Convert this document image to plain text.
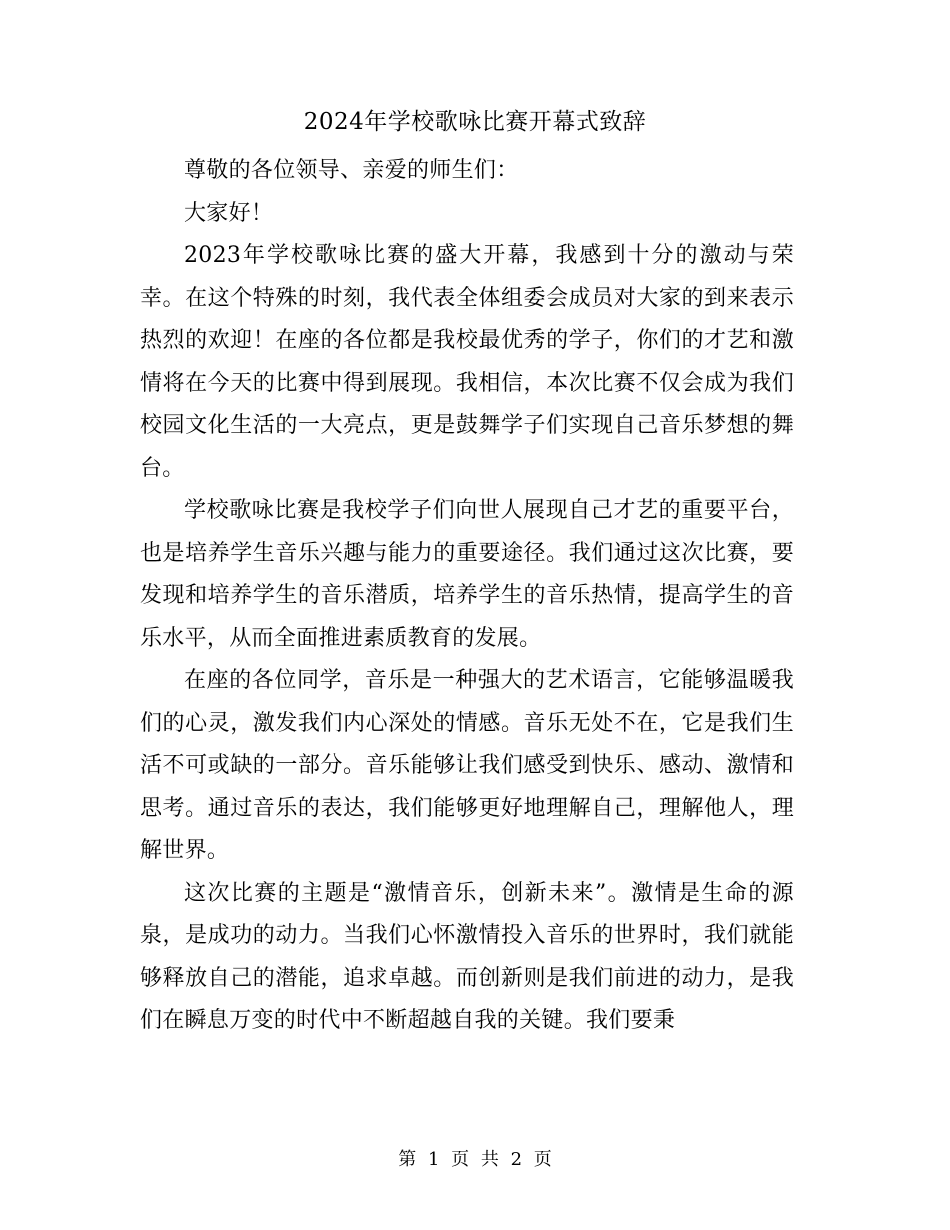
2024年学校歌咏比赛开幕式致辞

尊敬的各位领导、亲爱的师生们：

大家好！

2023年学校歌咏比赛的盛大开幕，我感到十分的激动与荣幸。在这个特殊的时刻，我代表全体组委会成员对大家的到来表示热烈的欢迎！在座的各位都是我校最优秀的学子，你们的才艺和激情将在今天的比赛中得到展现。我相信，本次比赛不仅会成为我们校园文化生活的一大亮点，更是鼓舞学子们实现自己音乐梦想的舞台。

学校歌咏比赛是我校学子们向世人展现自己才艺的重要平台，也是培养学生音乐兴趣与能力的重要途径。我们通过这次比赛，要发现和培养学生的音乐潜质，培养学生的音乐热情，提高学生的音乐水平，从而全面推进素质教育的发展。

在座的各位同学，音乐是一种强大的艺术语言，它能够温暖我们的心灵，激发我们内心深处的情感。音乐无处不在，它是我们生活不可或缺的一部分。音乐能够让我们感受到快乐、感动、激情和思考。通过音乐的表达，我们能够更好地理解自己，理解他人，理解世界。

这次比赛的主题是“激情音乐，创新未来”。激情是生命的源泉，是成功的动力。当我们心怀激情投入音乐的世界时，我们就能够释放自己的潜能，追求卓越。而创新则是我们前进的动力，是我们在瞬息万变的时代中不断超越自我的关键。我们要秉

第 1 页 共 2 页
